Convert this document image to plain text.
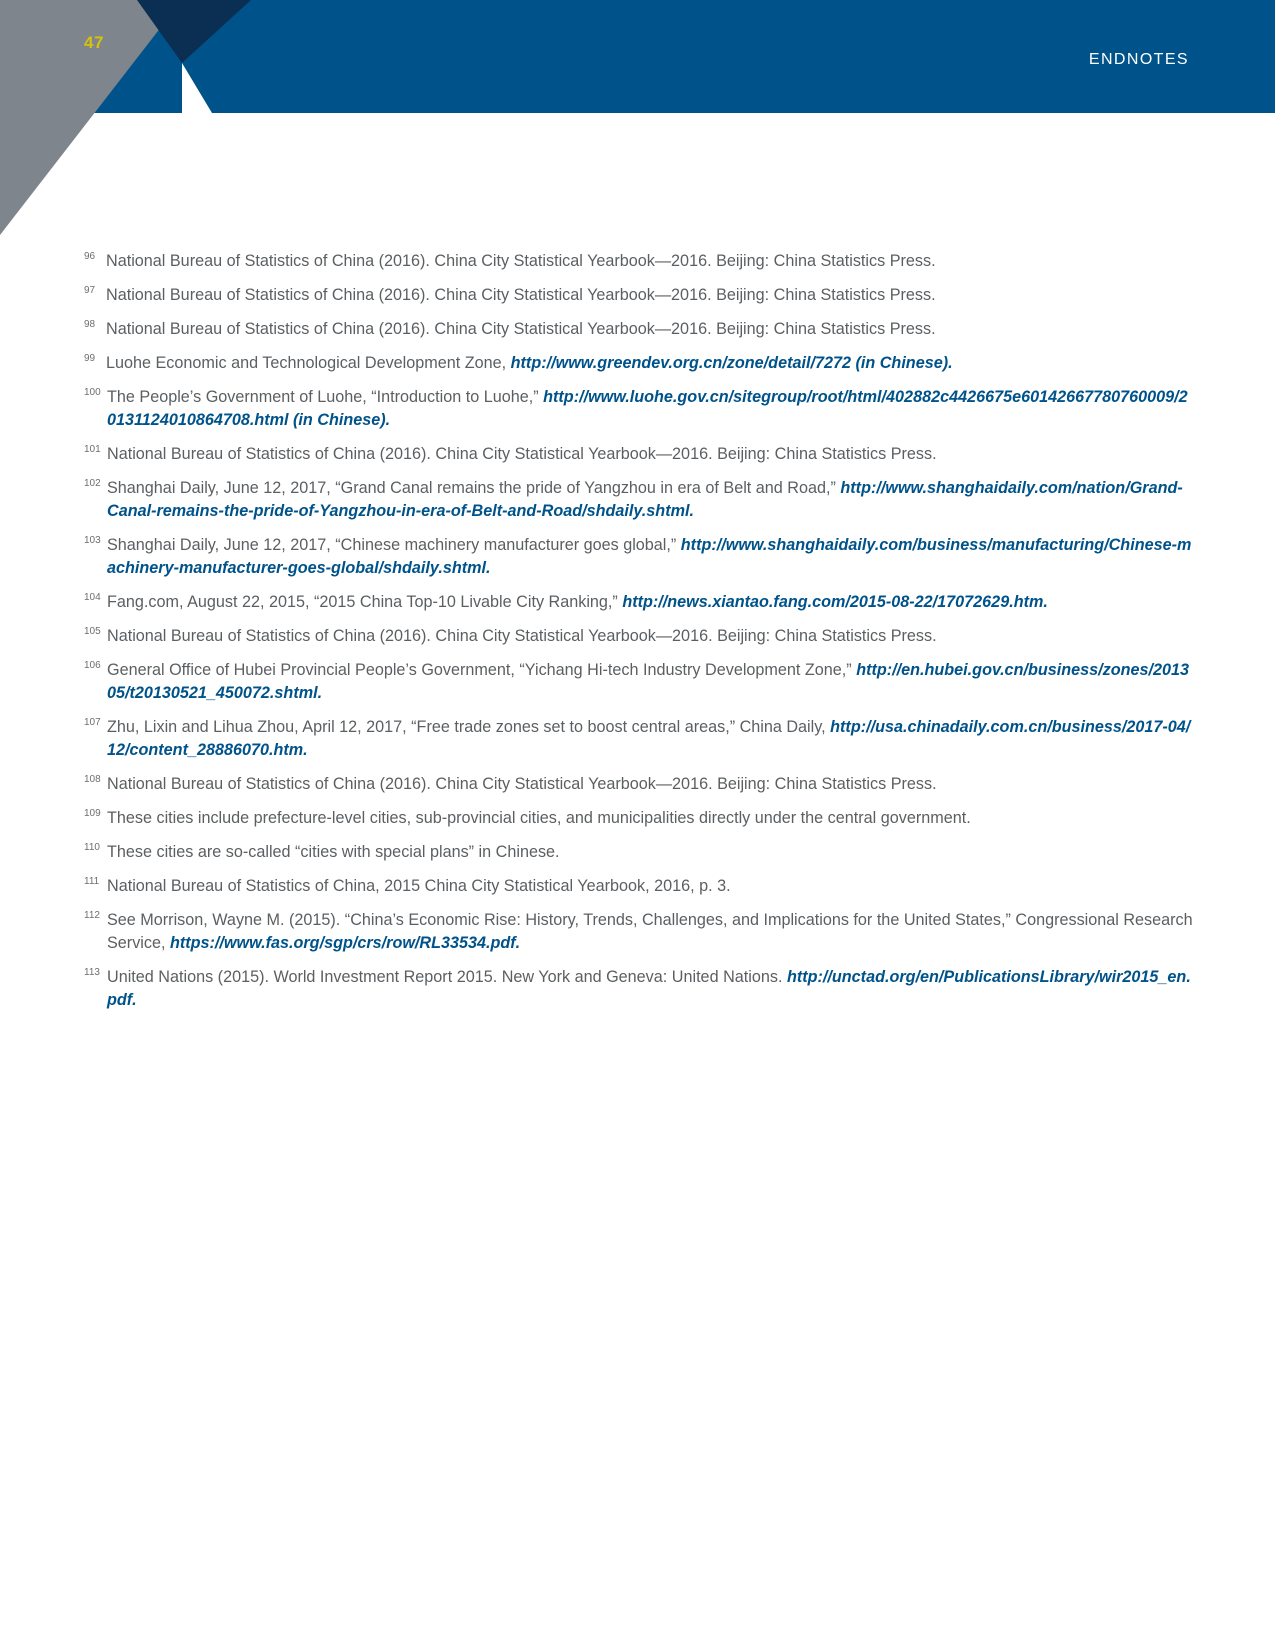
47
ENDNOTES
96 National Bureau of Statistics of China (2016). China City Statistical Yearbook—2016. Beijing: China Statistics Press.
97 National Bureau of Statistics of China (2016). China City Statistical Yearbook—2016. Beijing: China Statistics Press.
98 National Bureau of Statistics of China (2016). China City Statistical Yearbook—2016. Beijing: China Statistics Press.
99 Luohe Economic and Technological Development Zone, http://www.greendev.org.cn/zone/detail/7272 (in Chinese).
100 The People’s Government of Luohe, “Introduction to Luohe,” http://www.luohe.gov.cn/sitegroup/root/html/402882c4426675e60142667780760009/20131124010864708.html (in Chinese).
101 National Bureau of Statistics of China (2016). China City Statistical Yearbook—2016. Beijing: China Statistics Press.
102 Shanghai Daily, June 12, 2017, “Grand Canal remains the pride of Yangzhou in era of Belt and Road,” http://www.shanghaidaily.com/nation/Grand-Canal-remains-the-pride-of-Yangzhou-in-era-of-Belt-and-Road/shdaily.shtml.
103 Shanghai Daily, June 12, 2017, “Chinese machinery manufacturer goes global,” http://www.shanghaidaily.com/business/manufacturing/Chinese-machinery-manufacturer-goes-global/shdaily.shtml.
104 Fang.com, August 22, 2015, “2015 China Top-10 Livable City Ranking,” http://news.xiantao.fang.com/2015-08-22/17072629.htm.
105 National Bureau of Statistics of China (2016). China City Statistical Yearbook—2016. Beijing: China Statistics Press.
106 General Office of Hubei Provincial People’s Government, “Yichang Hi-tech Industry Development Zone,” http://en.hubei.gov.cn/business/zones/201305/t20130521_450072.shtml.
107 Zhu, Lixin and Lihua Zhou, April 12, 2017, “Free trade zones set to boost central areas,” China Daily, http://usa.chinadaily.com.cn/business/2017-04/12/content_28886070.htm.
108 National Bureau of Statistics of China (2016). China City Statistical Yearbook—2016. Beijing: China Statistics Press.
109 These cities include prefecture-level cities, sub-provincial cities, and municipalities directly under the central government.
110 These cities are so-called “cities with special plans” in Chinese.
111 National Bureau of Statistics of China, 2015 China City Statistical Yearbook, 2016, p. 3.
112 See Morrison, Wayne M. (2015). “China’s Economic Rise: History, Trends, Challenges, and Implications for the United States,” Congressional Research Service, https://www.fas.org/sgp/crs/row/RL33534.pdf.
113 United Nations (2015). World Investment Report 2015. New York and Geneva: United Nations. http://unctad.org/en/PublicationsLibrary/wir2015_en.pdf.
